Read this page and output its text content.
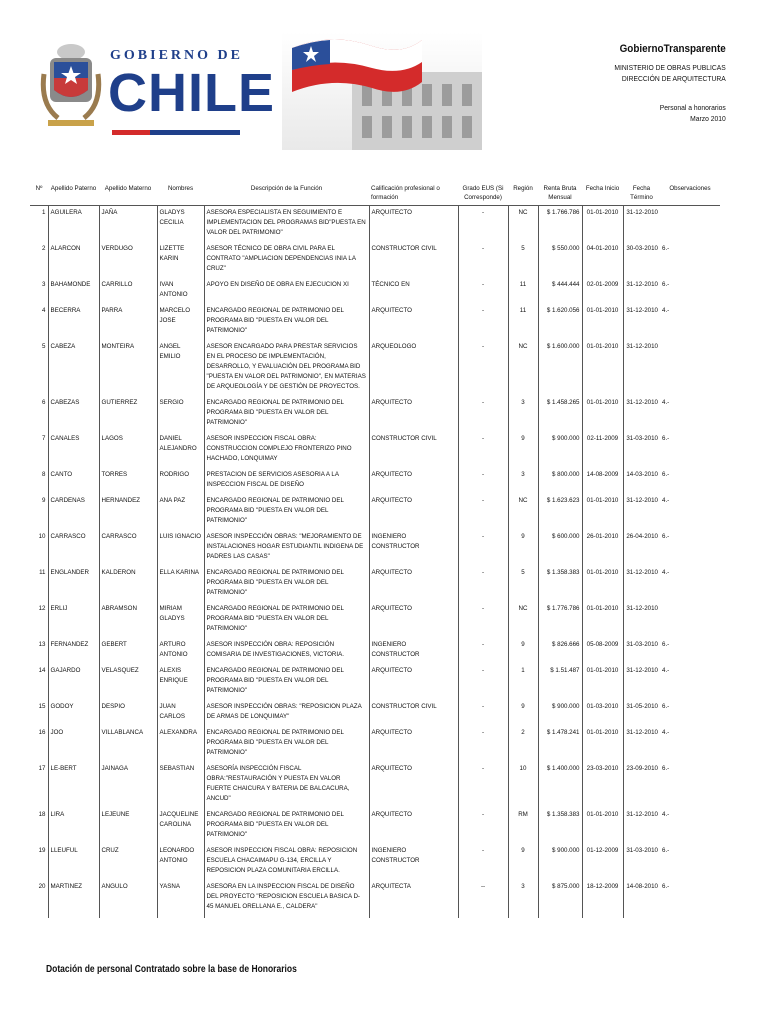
GOBIERNO DE
CHILE
GobiernoTransparente
MINISTERIO DE OBRAS PUBLICAS
DIRECCIÓN DE ARQUITECTURA
Personal a honorarios
Marzo 2010
Nº	Apellido Paterno	Apellido Materno	Nombres	Descripción de la Función	Calificación profesional o formación	Grado EUS (Si Corresponde)	Región	Renta Bruta Mensual	Fecha Inicio	Fecha Término	Observaciones
1	AGUILERA	JAÑA	GLADYS CECILIA	ASESORA ESPECIALISTA EN SEGUIMIENTO E IMPLEMENTACION DEL PROGRAMAS BID"PUESTA EN VALOR DEL PATRIMONIO"	ARQUITECTO	-	NC	$ 1.766.786	01-01-2010	31-12-2010	
2	ALARCON	VERDUGO	LIZETTE KARIN	ASESOR TÉCNICO DE OBRA CIVIL PARA EL CONTRATO "AMPLIACION DEPENDENCIAS INIA LA CRUZ"	CONSTRUCTOR CIVIL	-	5	$ 550.000	04-01-2010	30-03-2010	6.-
3	BAHAMONDE	CARRILLO	IVAN ANTONIO	APOYO EN DISEÑO DE OBRA EN EJECUCION XI	TÉCNICO EN	-	11	$ 444.444	02-01-2009	31-12-2010	6.-
4	BECERRA	PARRA	MARCELO JOSE	ENCARGADO REGIONAL DE PATRIMONIO DEL PROGRAMA BID "PUESTA EN VALOR DEL PATRIMONIO"	ARQUITECTO	-	11	$ 1.620.056	01-01-2010	31-12-2010	4.-
5	CABEZA	MONTEIRA	ANGEL EMILIO	ASESOR ENCARGADO PARA PRESTAR SERVICIOS EN EL PROCESO DE IMPLEMENTACIÓN, DESARROLLO, Y EVALUACIÓN DEL PROGRAMA BID "PUESTA EN VALOR DEL PATRIMONIO", EN MATERIAS DE ARQUEOLOGÍA Y DE GESTIÓN DE PROYECTOS.	ARQUEOLOGO	-	NC	$ 1.600.000	01-01-2010	31-12-2010	
6	CABEZAS	GUTIERREZ	SERGIO	ENCARGADO REGIONAL DE PATRIMONIO DEL PROGRAMA BID "PUESTA EN VALOR DEL PATRIMONIO"	ARQUITECTO	-	3	$ 1.458.265	01-01-2010	31-12-2010	4.-
7	CANALES	LAGOS	DANIEL ALEJANDRO	ASESOR INSPECCION FISCAL OBRA: CONSTRUCCION COMPLEJO FRONTERIZO PINO HACHADO, LONQUIMAY	CONSTRUCTOR CIVIL	-	9	$ 900.000	02-11-2009	31-03-2010	6.-
8	CANTO	TORRES	RODRIGO	PRESTACION DE SERVICIOS ASESORIA A LA INSPECCION FISCAL DE DISEÑO	ARQUITECTO	-	3	$ 800.000	14-08-2009	14-03-2010	6.-
9	CARDENAS	HERNANDEZ	ANA PAZ	ENCARGADO REGIONAL DE PATRIMONIO DEL PROGRAMA BID "PUESTA EN VALOR DEL PATRIMONIO"	ARQUITECTO	-	NC	$ 1.623.623	01-01-2010	31-12-2010	4.-
10	CARRASCO	CARRASCO	LUIS IGNACIO	ASESOR INSPECCIÓN OBRAS: "MEJORAMIENTO DE INSTALACIONES HOGAR ESTUDIANTIL INDIGENA DE PADRES LAS CASAS"	INGENIERO CONSTRUCTOR	-	9	$ 600.000	26-01-2010	26-04-2010	6.-
11	ENGLANDER	KALDERON	ELLA KARINA	ENCARGADO REGIONAL DE PATRIMONIO DEL PROGRAMA BID "PUESTA EN VALOR DEL PATRIMONIO"	ARQUITECTO	-	5	$ 1.358.383	01-01-2010	31-12-2010	4.-
12	ERLIJ	ABRAMSON	MIRIAM GLADYS	ENCARGADO REGIONAL DE PATRIMONIO DEL PROGRAMA BID "PUESTA EN VALOR DEL PATRIMONIO"	ARQUITECTO	-	NC	$ 1.776.786	01-01-2010	31-12-2010	
13	FERNANDEZ	GEBERT	ARTURO ANTONIO	ASESOR INSPECCIÓN OBRA: REPOSICIÓN COMISARIA DE INVESTIGACIONES, VICTORIA.	INGENIERO CONSTRUCTOR	-	9	$ 826.666	05-08-2009	31-03-2010	6.-
14	GAJARDO	VELASQUEZ	ALEXIS ENRIQUE	ENCARGADO REGIONAL DE PATRIMONIO DEL PROGRAMA BID "PUESTA EN VALOR DEL PATRIMONIO"	ARQUITECTO	-	1	$ 1.51.487	01-01-2010	31-12-2010	4.-
15	GODOY	DESPIO	JUAN CARLOS	ASESOR INSPECCIÓN OBRAS: "REPOSICION PLAZA DE ARMAS DE LONQUIMAY"	CONSTRUCTOR CIVIL	-	9	$ 900.000	01-03-2010	31-05-2010	6.-
16	JOO	VILLABLANCA	ALEXANDRA	ENCARGADO REGIONAL DE PATRIMONIO DEL PROGRAMA BID "PUESTA EN VALOR DEL PATRIMONIO"	ARQUITECTO	-	2	$ 1.478.241	01-01-2010	31-12-2010	4.-
17	LE-BERT	JAINAGA	SEBASTIAN	ASESORÍA INSPECCIÓN FISCAL OBRA:"RESTAURACIÓN Y PUESTA EN VALOR FUERTE CHAICURA Y BATERIA DE BALCACURA, ANCUD"	ARQUITECTO	-	10	$ 1.400.000	23-03-2010	23-09-2010	6.-
18	LIRA	LEJEUNE	JACQUELINE CAROLINA	ENCARGADO REGIONAL DE PATRIMONIO DEL PROGRAMA BID "PUESTA EN VALOR DEL PATRIMONIO"	ARQUITECTO	-	RM	$ 1.358.383	01-01-2010	31-12-2010	4.-
19	LLEUFUL	CRUZ	LEONARDO ANTONIO	ASESOR INSPECCION FISCAL OBRA: REPOSICION ESCUELA CHACAIMAPU G-134, ERCILLA Y REPOSICION PLAZA COMUNITARIA ERCILLA.	INGENIERO CONSTRUCTOR	-	9	$ 900.000	01-12-2009	31-03-2010	6.-
20	MARTINEZ	ANGULO	YASNA	ASESORA EN LA INSPECCION FISCAL DE DISEÑO DEL PROYECTO "REPOSICION ESCUELA BASICA D-45 MANUEL ORELLANA E., CALDERA"	ARQUITECTA	--	3	$ 875.000	18-12-2009	14-08-2010	6.-
Dotación de personal Contratado sobre la base de Honorarios
